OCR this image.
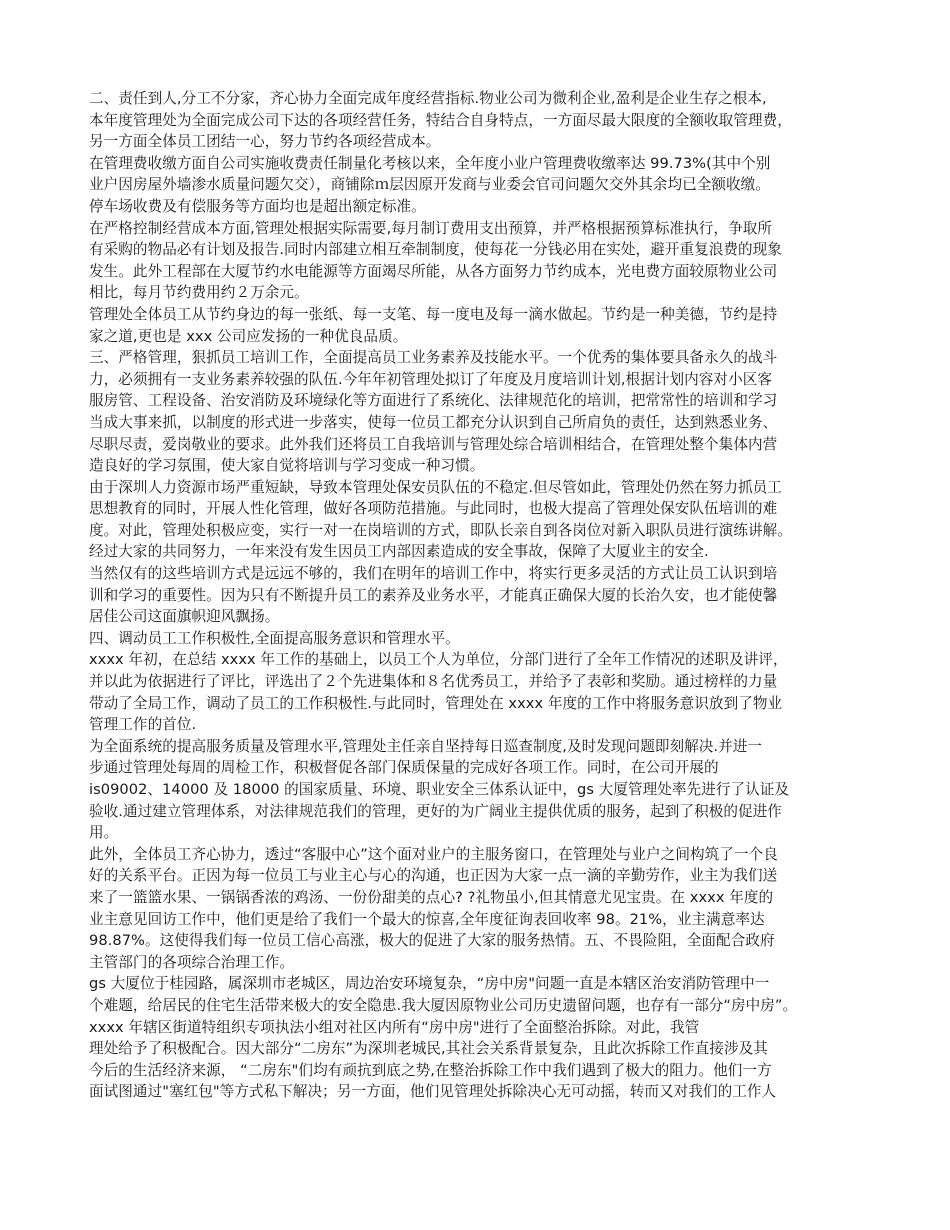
二、责任到人,分工不分家，齐心协力全面完成年度经营指标.物业公司为微利企业,盈利是企业生存之根本,
本年度管理处为全面完成公司下达的各项经营任务，特结合自身特点，一方面尽最大限度的全额收取管理费，
另一方面全体员工团结一心，努力节约各项经营成本。
在管理费收缴方面自公司实施收费责任制量化考核以来，全年度小业户管理费收缴率达 99.73%(其中个别
业户因房屋外墙渗水质量问题欠交），商铺除ｍ层因原开发商与业委会官司问题欠交外其余均已全额收缴。
停车场收费及有偿服务等方面均也是超出额定标准。
在严格控制经营成本方面,管理处根据实际需要,每月制订费用支出预算，并严格根据预算标准执行，争取所
有采购的物品必有计划及报告.同时内部建立相互牵制制度，使每花一分钱必用在实处，避开重复浪费的现象
发生。此外工程部在大厦节约水电能源等方面竭尽所能，从各方面努力节约成本，光电费方面较原物业公司
相比，每月节约费用约２万余元。
管理处全体员工从节约身边的每一张纸、每一支笔、每一度电及每一滴水做起。节约是一种美德，节约是持
家之道,更也是 xxx 公司应发扬的一种优良品质。
三、严格管理，狠抓员工培训工作，全面提高员工业务素养及技能水平。一个优秀的集体要具备永久的战斗
力，必须拥有一支业务素养较强的队伍.今年年初管理处拟订了年度及月度培训计划,根据计划内容对小区客
服房管、工程设备、治安消防及环境绿化等方面进行了系统化、法律规范化的培训，把常常性的培训和学习
当成大事来抓，以制度的形式进一步落实，使每一位员工都充分认识到自己所肩负的责任，达到熟悉业务、
尽职尽责，爱岗敬业的要求。此外我们还将员工自我培训与管理处综合培训相结合，在管理处整个集体内营
造良好的学习氛围，使大家自觉将培训与学习变成一种习惯。
由于深圳人力资源市场严重短缺，导致本管理处保安员队伍的不稳定.但尽管如此，管理处仍然在努力抓员工
思想教育的同时，开展人性化管理，做好各项防范措施。与此同时，也极大提高了管理处保安队伍培训的难
度。对此，管理处积极应变，实行一对一在岗培训的方式，即队长亲自到各岗位对新入职队员进行演练讲解。
经过大家的共同努力，一年来没有发生因员工内部因素造成的安全事故，保障了大厦业主的安全.
当然仅有的这些培训方式是远远不够的，我们在明年的培训工作中，将实行更多灵活的方式让员工认识到培
训和学习的重要性。因为只有不断提升员工的素养及业务水平，才能真正确保大厦的长治久安，也才能使馨
居佳公司这面旗帜迎风飘扬。
四、调动员工工作积极性,全面提高服务意识和管理水平。
xxxx 年初，在总结 xxxx 年工作的基础上，以员工个人为单位，分部门进行了全年工作情况的述职及讲评，
并以此为依据进行了评比，评选出了２个先进集体和８名优秀员工，并给予了表彰和奖励。通过榜样的力量
带动了全局工作，调动了员工的工作积极性.与此同时，管理处在 xxxx 年度的工作中将服务意识放到了物业
管理工作的首位.
为全面系统的提高服务质量及管理水平,管理处主任亲自坚持每日巡查制度,及时发现问题即刻解决.并进一
步通过管理处每周的周检工作，积极督促各部门保质保量的完成好各项工作。同时，在公司开展的
is09002、14000 及 18000 的国家质量、环境、职业安全三体系认证中，gs 大厦管理处率先进行了认证及
验收.通过建立管理体系，对法律规范我们的管理，更好的为广阔业主提供优质的服务，起到了积极的促进作
用。
此外，全体员工齐心协力，透过“客服中心”这个面对业户的主服务窗口，在管理处与业户之间构筑了一个良
好的关系平台。正因为每一位员工与业主心与心的沟通，也正因为大家一点一滴的辛勤劳作，业主为我们送
来了一篮篮水果、一锅锅香浓的鸡汤、一份份甜美的点心? ?礼物虽小,但其情意尤见宝贵。在 xxxx 年度的
业主意见回访工作中，他们更是给了我们一个最大的惊喜,全年度征询表回收率 98。21%，业主满意率达
98.87%。这使得我们每一位员工信心高涨，极大的促进了大家的服务热情。五、不畏险阻，全面配合政府
主管部门的各项综合治理工作。
gs 大厦位于桂园路，属深圳市老城区，周边治安环境复杂，“房中房"问题一直是本辖区治安消防管理中一
个难题，给居民的住宅生活带来极大的安全隐患.我大厦因原物业公司历史遗留问题，也存有一部分“房中房”。
xxxx 年辖区街道特组织专项执法小组对社区内所有“房中房"进行了全面整治拆除。对此，我管
理处给予了积极配合。因大部分“二房东”为深圳老城民,其社会关系背景复杂，且此次拆除工作直接涉及其
今后的生活经济来源， “二房东"们均有顽抗到底之势,在整治拆除工作中我们遇到了极大的阻力。他们一方
面试图通过"塞红包"等方式私下解决；另一方面，他们见管理处拆除决心无可动摇，转而又对我们的工作人
